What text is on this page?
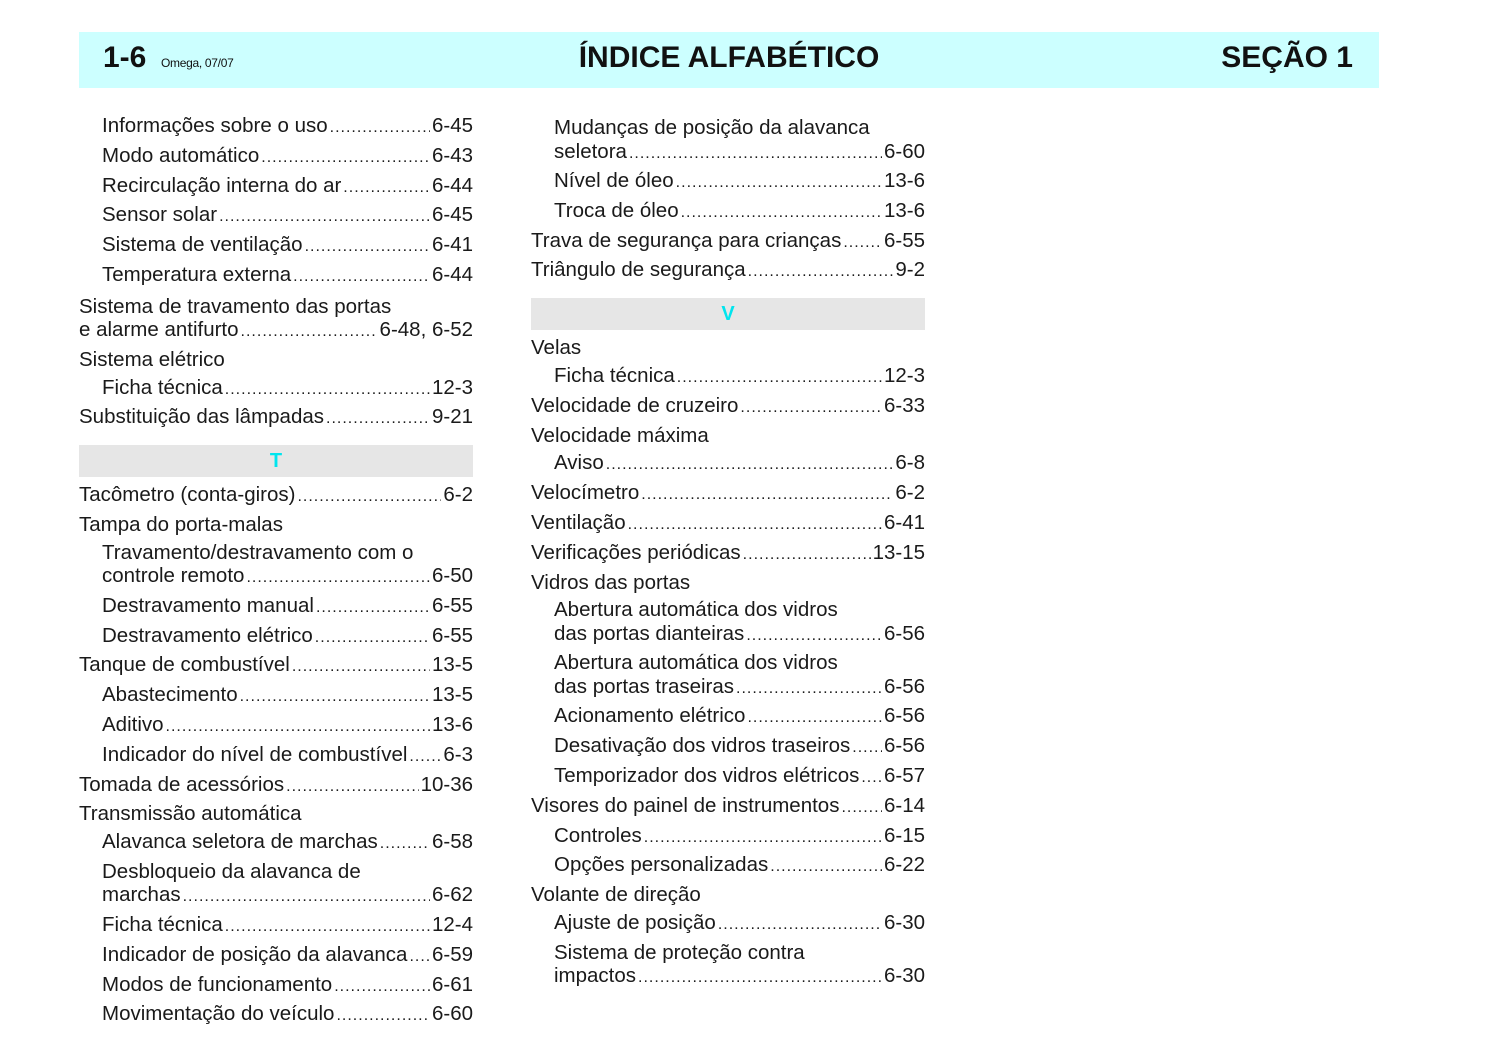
1-6 Omega, 07/07	ÍNDICE ALFABÉTICO	SEÇÃO 1
Informações sobre o uso .....	6-45
Modo automático .....	6-43
Recirculação interna do ar .....	6-44
Sensor solar .....	6-45
Sistema de ventilação .....	6-41
Temperatura externa .....	6-44
Sistema de travamento das portas
e alarme antifurto .....	6-48, 6-52
Sistema elétrico
Ficha técnica .....	12-3
Substituição das lâmpadas .....	9-21
T
Tacômetro (conta-giros) .....	6-2
Tampa do porta-malas
Travamento/destravamento com o
controle remoto .....	6-50
Destravamento manual .....	6-55
Destravamento elétrico .....	6-55
Tanque de combustível .....	13-5
Abastecimento .....	13-5
Aditivo .....	13-6
Indicador do nível de combustível ..... 6-3
Tomada de acessórios .....	10-36
Transmissão automática
Alavanca seletora de marchas .....	6-58
Desbloqueio da alavanca de
marchas .....	6-62
Ficha técnica .....	12-4
Indicador de posição da alavanca ..... 6-59
Modos de funcionamento .....	6-61
Movimentação do veículo .....	6-60
Mudanças de posição da alavanca
seletora .....	6-60
Nível de óleo .....	13-6
Troca de óleo .....	13-6
Trava de segurança para crianças ..... 6-55
Triângulo de segurança .....	9-2
V
Velas
Ficha técnica .....	12-3
Velocidade de cruzeiro .....	6-33
Velocidade máxima
Aviso .....	6-8
Velocímetro .....	6-2
Ventilação .....	6-41
Verificações periódicas .....	13-15
Vidros das portas
Abertura automática dos vidros
das portas dianteiras .....	6-56
Abertura automática dos vidros
das portas traseiras .....	6-56
Acionamento elétrico .....	6-56
Desativação dos vidros traseiros ..... 6-56
Temporizador dos vidros elétricos ..... 6-57
Visores do painel de instrumentos ..... 6-14
Controles .....	6-15
Opções personalizadas .....	6-22
Volante de direção
Ajuste de posição .....	6-30
Sistema de proteção contra
impactos .....	6-30
